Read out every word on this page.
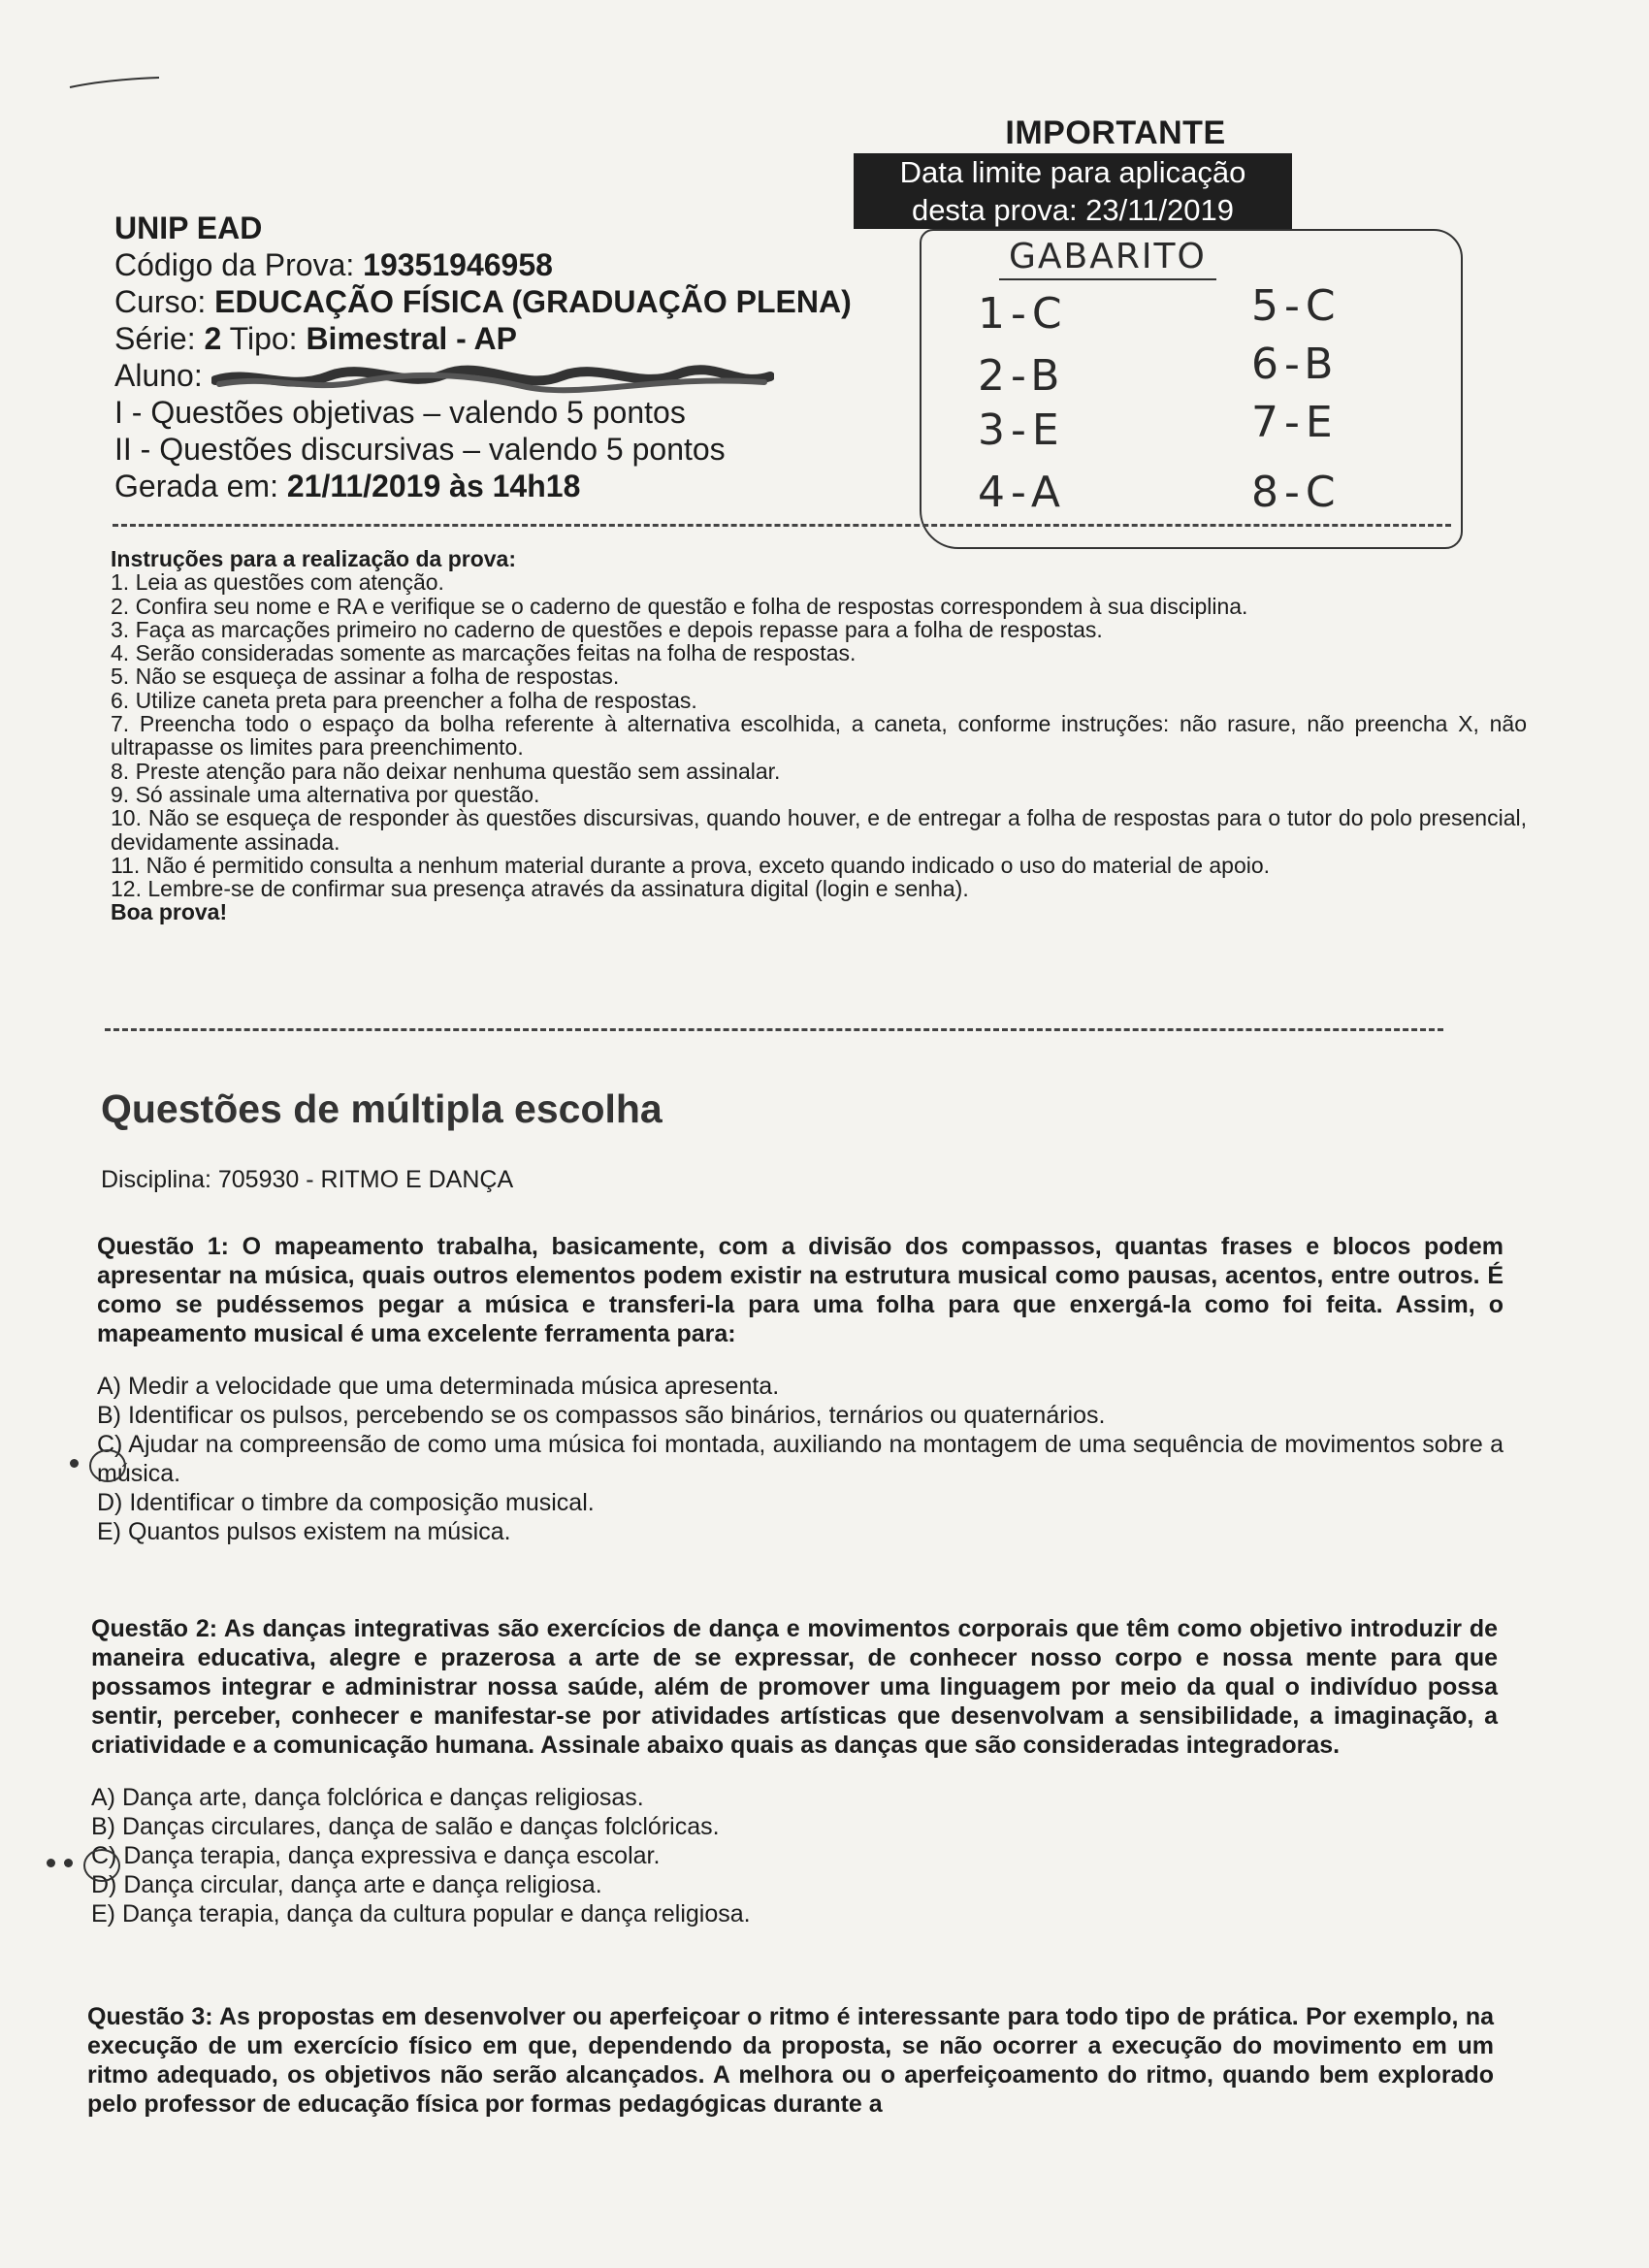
IMPORTANTE
Data limite para aplicação
desta prova: 23/11/2019
UNIP EAD
Código da Prova: 19351946958
Curso: EDUCAÇÃO FÍSICA (GRADUAÇÃO PLENA)
Série: 2 Tipo: Bimestral - AP
Aluno:
I - Questões objetivas – valendo 5 pontos
II - Questões discursivas – valendo 5 pontos
Gerada em: 21/11/2019 às 14h18
GABARITO
1-C
2-B
3-E
4-A
5-C
6-B
7-E
8-C
Instruções para a realização da prova:
1. Leia as questões com atenção.
2. Confira seu nome e RA e verifique se o caderno de questão e folha de respostas correspondem à sua disciplina.
3. Faça as marcações primeiro no caderno de questões e depois repasse para a folha de respostas.
4. Serão consideradas somente as marcações feitas na folha de respostas.
5. Não se esqueça de assinar a folha de respostas.
6. Utilize caneta preta para preencher a folha de respostas.
7. Preencha todo o espaço da bolha referente à alternativa escolhida, a caneta, conforme instruções: não rasure, não preencha X, não ultrapasse os limites para preenchimento.
8. Preste atenção para não deixar nenhuma questão sem assinalar.
9. Só assinale uma alternativa por questão.
10. Não se esqueça de responder às questões discursivas, quando houver, e de entregar a folha de respostas para o tutor do polo presencial, devidamente assinada.
11. Não é permitido consulta a nenhum material durante a prova, exceto quando indicado o uso do material de apoio.
12. Lembre-se de confirmar sua presença através da assinatura digital (login e senha).
Boa prova!
Questões de múltipla escolha
Disciplina: 705930 - RITMO E DANÇA
Questão 1: O mapeamento trabalha, basicamente, com a divisão dos compassos, quantas frases e blocos podem apresentar na música, quais outros elementos podem existir na estrutura musical como pausas, acentos, entre outros. É como se pudéssemos pegar a música e transferi-la para uma folha para que enxergá-la como foi feita. Assim, o mapeamento musical é uma excelente ferramenta para:
A) Medir a velocidade que uma determinada música apresenta.
B) Identificar os pulsos, percebendo se os compassos são binários, ternários ou quaternários.
C) Ajudar na compreensão de como uma música foi montada, auxiliando na montagem de uma sequência de movimentos sobre a música.
D) Identificar o timbre da composição musical.
E) Quantos pulsos existem na música.
Questão 2: As danças integrativas são exercícios de dança e movimentos corporais que têm como objetivo introduzir de maneira educativa, alegre e prazerosa a arte de se expressar, de conhecer nosso corpo e nossa mente para que possamos integrar e administrar nossa saúde, além de promover uma linguagem por meio da qual o indivíduo possa sentir, perceber, conhecer e manifestar-se por atividades artísticas que desenvolvam a sensibilidade, a imaginação, a criatividade e a comunicação humana. Assinale abaixo quais as danças que são consideradas integradoras.
A) Dança arte, dança folclórica e danças religiosas.
B) Danças circulares, dança de salão e danças folclóricas.
C) Dança terapia, dança expressiva e dança escolar.
D) Dança circular, dança arte e dança religiosa.
E) Dança terapia, dança da cultura popular e dança religiosa.
Questão 3: As propostas em desenvolver ou aperfeiçoar o ritmo é interessante para todo tipo de prática. Por exemplo, na execução de um exercício físico em que, dependendo da proposta, se não ocorrer a execução do movimento em um ritmo adequado, os objetivos não serão alcançados. A melhora ou o aperfeiçoamento do ritmo, quando bem explorado pelo professor de educação física por formas pedagógicas durante a
